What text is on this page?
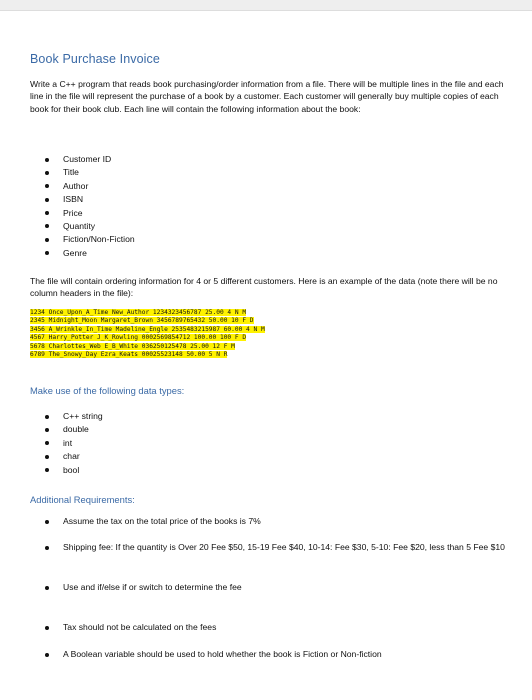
Book Purchase Invoice
Write a C++ program that reads book purchasing/order information from a file. There will be multiple lines in the file and each line in the file will represent the purchase of a book by a customer. Each customer will generally buy multiple copies of each book for their book club. Each line will contain the following information about the book:
Customer ID
Title
Author
ISBN
Price
Quantity
Fiction/Non-Fiction
Genre
The file will contain ordering information for 4 or 5 different customers. Here is an example of the data (note there will be no column headers in the file):
1234 Once_Upon_A_Time New_Author 1234323456787 25.00 4 N M
2345 Midnight_Moon Margaret_Brown 3456789765432 50.00 10 F D
3456 A_Wrinkle_In_Time Madeline_Engle 2535483215987 60.00 4 N M
4567 Harry_Potter J_K_Rowling 0002569854712 100.00 100 F D
5678 Charlottes_Web E_B_White 036250125478 25.00 12 F M
6789 The_Snowy_Day Ezra_Keats 00025523148 50.00 5 N R
Make use of the following data types:
C++ string
double
int
char
bool
Additional Requirements:
Assume the tax on the total price of the books is 7%
Shipping fee: If the quantity is Over 20 Fee $50, 15-19 Fee $40, 10-14: Fee $30, 5-10: Fee $20, less than 5 Fee $10
Use and if/else if or switch to determine the fee
Tax should not be calculated on the fees
A Boolean variable should be used to hold whether the book is Fiction or Non-fiction
